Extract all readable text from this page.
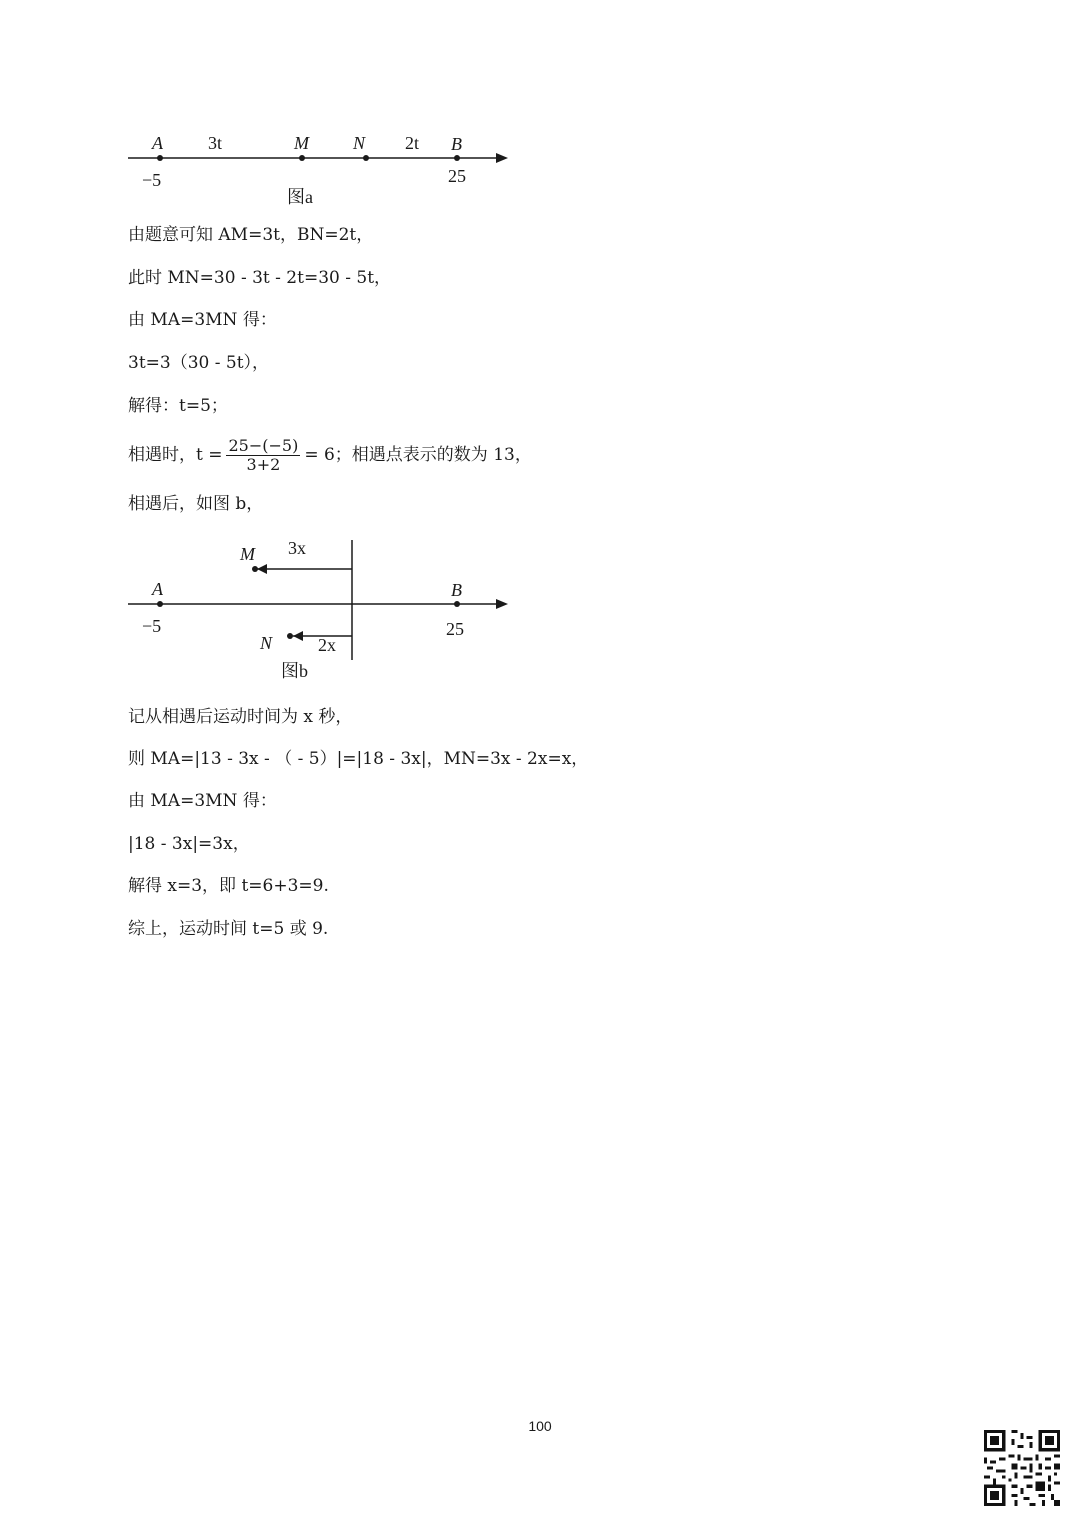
A	3t	M N 2t B
−5	25
图a
由题意可知 AM=3t，BN=2t，
此时 MN=30 - 3t - 2t=30 - 5t，
由 MA=3MN 得：
3t=3（30 - 5t），
解得：t=5；
相遇时，$t = \frac{25-(-5)}{3+2} = 6$；相遇点表示的数为 13，
相遇后，如图 b，
M 3x
A	B
−5	25
N	2x
图b
记从相遇后运动时间为 x 秒，
则 MA=|13 - 3x - （ - 5）|=|18 - 3x|，MN=3x - 2x=x，
由 MA=3MN 得：
|18 - 3x|=3x，
解得 x=3，即 t=6+3=9.
综上，运动时间 t=5 或 9.
100
